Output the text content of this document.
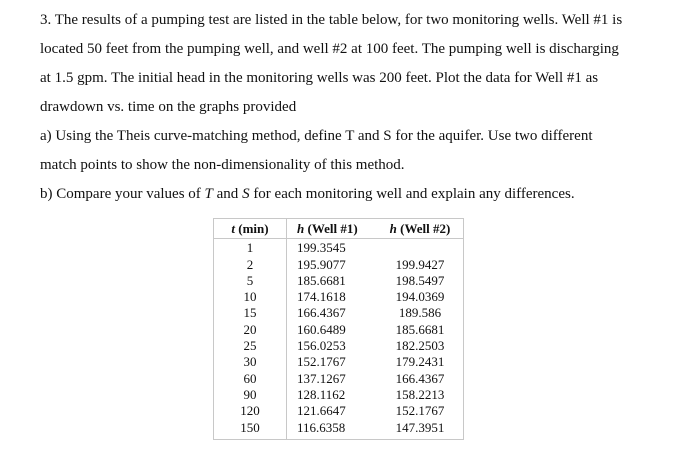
3. The results of a pumping test are listed in the table below, for two monitoring wells. Well #1 is
located 50 feet from the pumping well, and well #2 at 100 feet. The pumping well is discharging
at 1.5 gpm. The initial head in the monitoring wells was 200 feet. Plot the data for Well #1 as
drawdown vs. time on the graphs provided
a) Using the Theis curve-matching method, define T and S for the aquifer. Use two different
match points to show the non-dimensionality of this method.
b) Compare your values of T and S for each monitoring well and explain any differences.
t (min)	h (Well #1)	h (Well #2)
1	199.3545	
2	195.9077	199.9427
5	185.6681	198.5497
10	174.1618	194.0369
15	166.4367	189.586
20	160.6489	185.6681
25	156.0253	182.2503
30	152.1767	179.2431
60	137.1267	166.4367
90	128.1162	158.2213
120	121.6647	152.1767
150	116.6358	147.3951
